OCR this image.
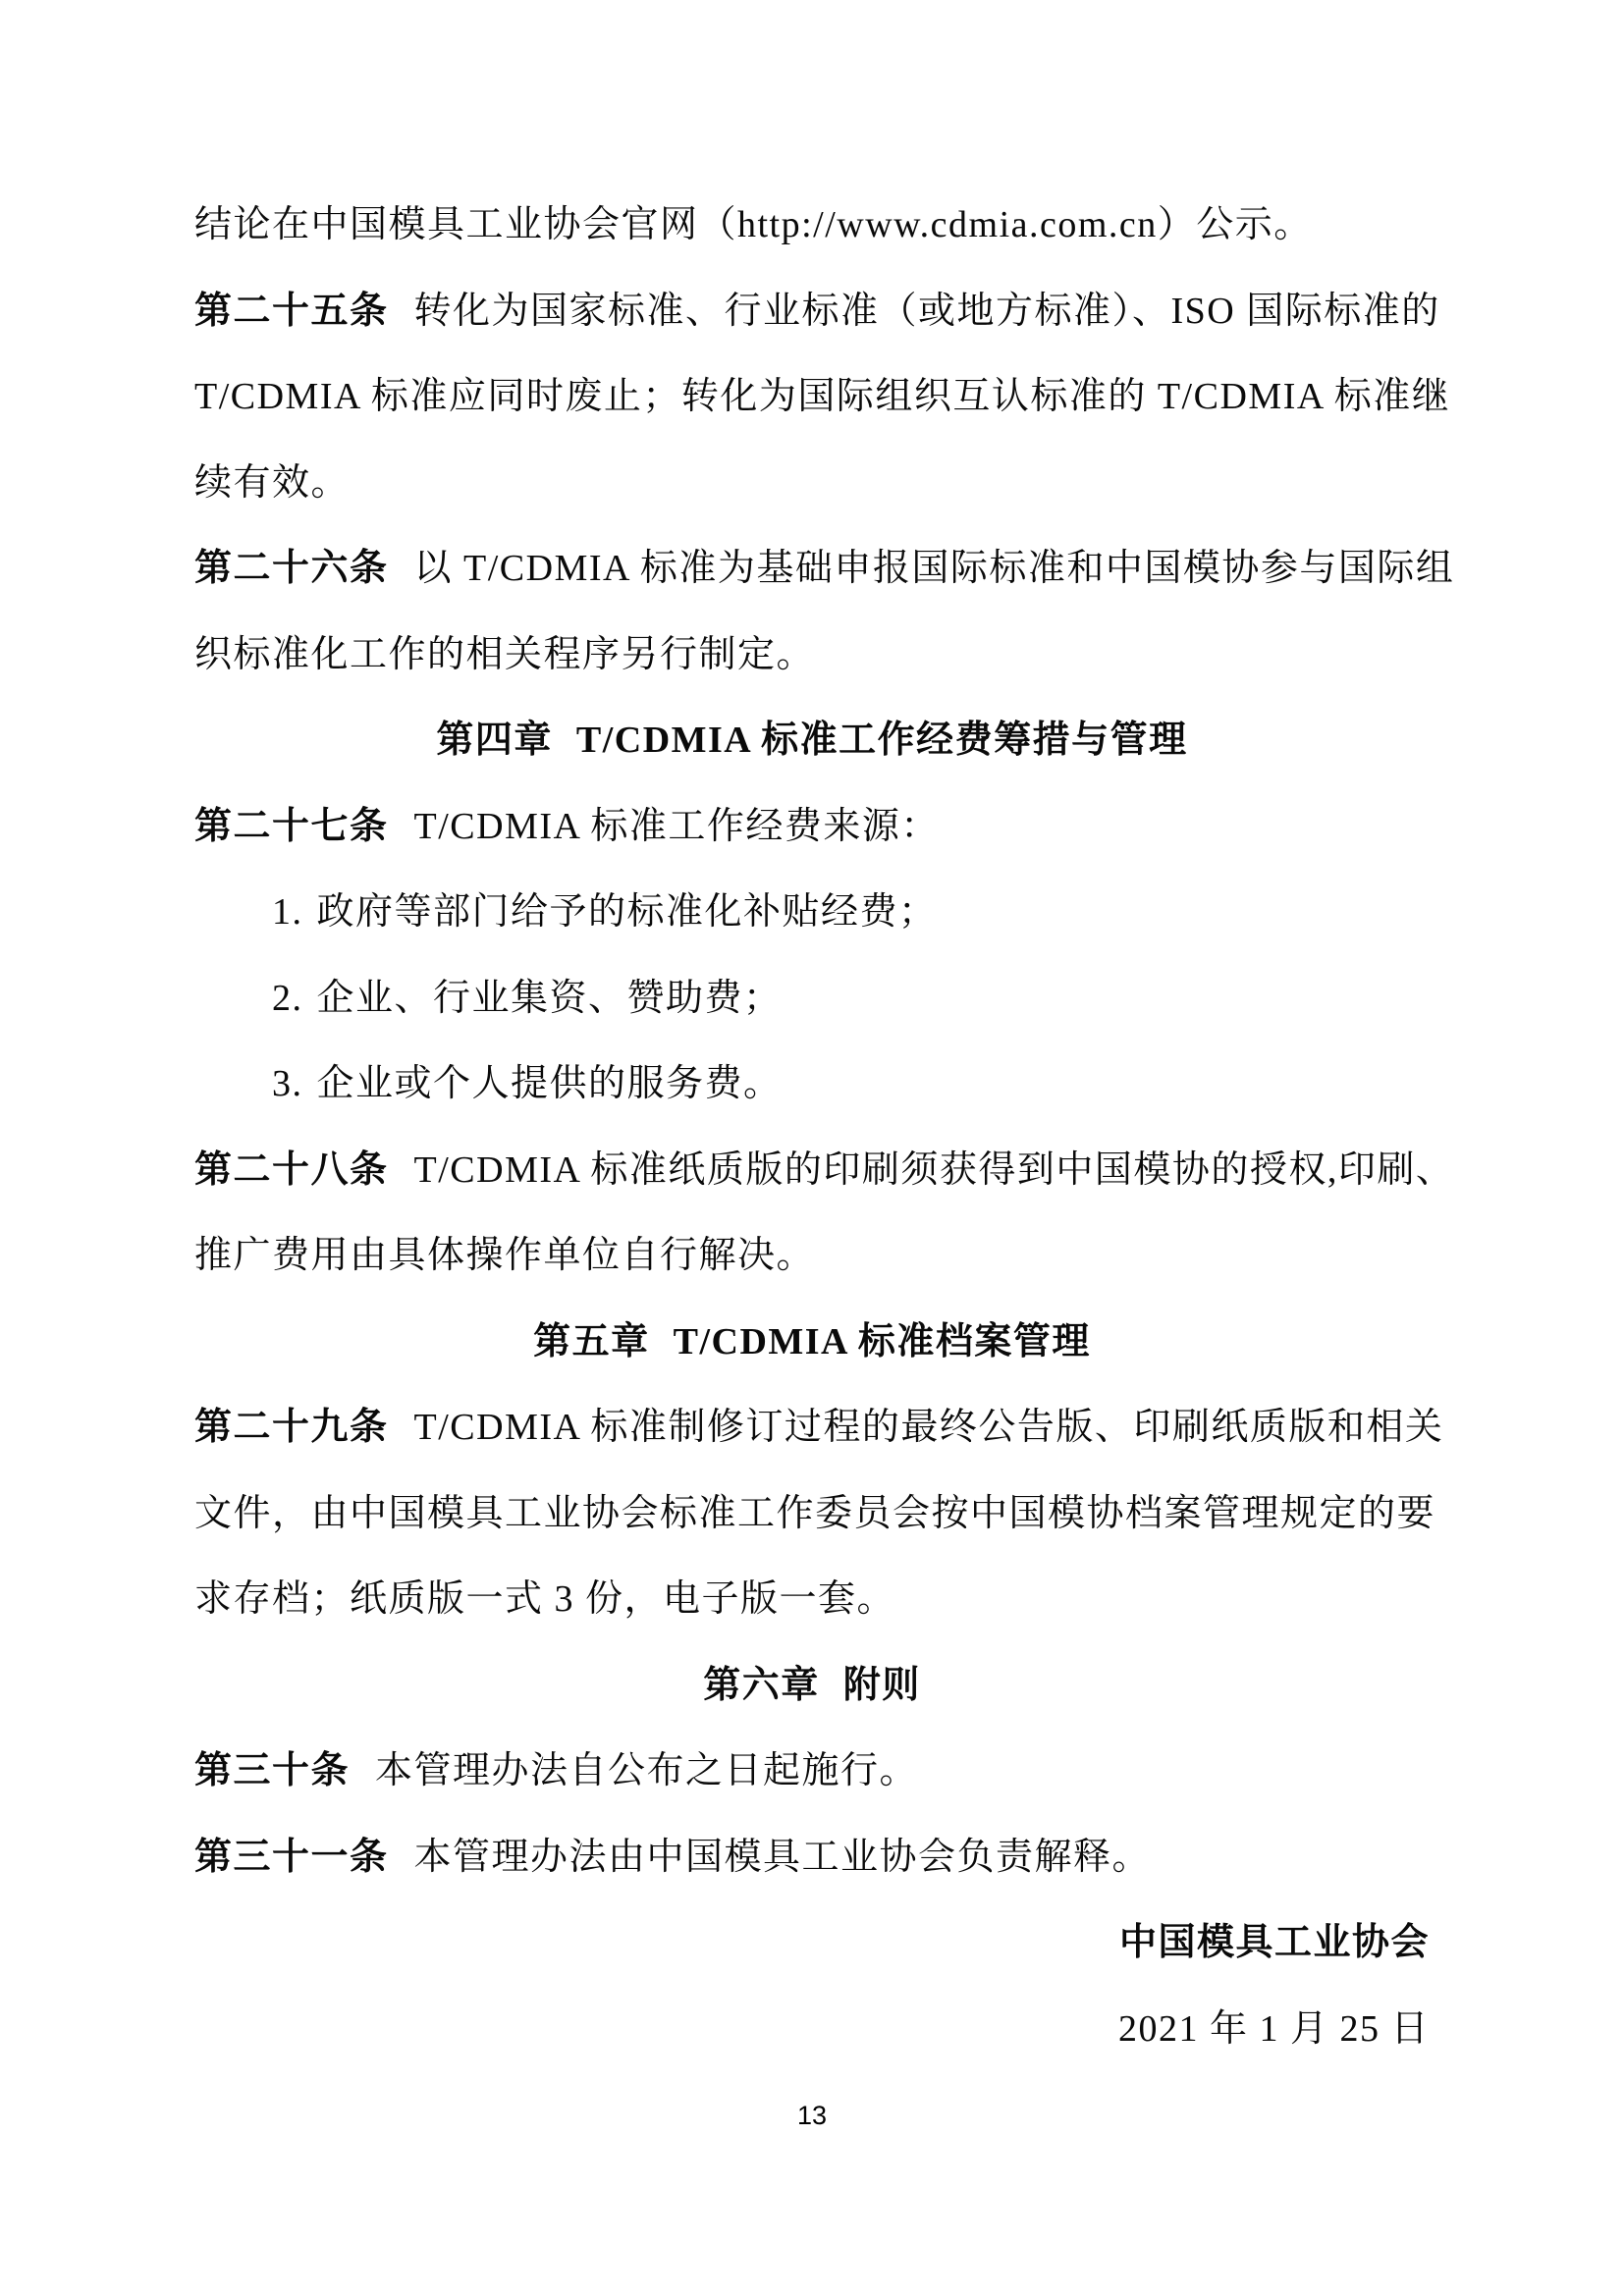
结论在中国模具工业协会官网（http://www.cdmia.com.cn）公示。
第二十五条 转化为国家标准、行业标准（或地方标准）、ISO 国际标准的
T/CDMIA 标准应同时废止；转化为国际组织互认标准的 T/CDMIA 标准继
续有效。
第二十六条 以 T/CDMIA 标准为基础申报国际标准和中国模协参与国际组
织标准化工作的相关程序另行制定。
第四章 T/CDMIA 标准工作经费筹措与管理
第二十七条 T/CDMIA 标准工作经费来源：
1. 政府等部门给予的标准化补贴经费；
2. 企业、行业集资、赞助费；
3. 企业或个人提供的服务费。
第二十八条 T/CDMIA 标准纸质版的印刷须获得到中国模协的授权,印刷、
推广费用由具体操作单位自行解决。
第五章 T/CDMIA 标准档案管理
第二十九条 T/CDMIA 标准制修订过程的最终公告版、印刷纸质版和相关
文件，由中国模具工业协会标准工作委员会按中国模协档案管理规定的要
求存档；纸质版一式 3 份，电子版一套。
第六章 附则
第三十条 本管理办法自公布之日起施行。
第三十一条 本管理办法由中国模具工业协会负责解释。
中国模具工业协会
2021 年 1 月 25 日
13
